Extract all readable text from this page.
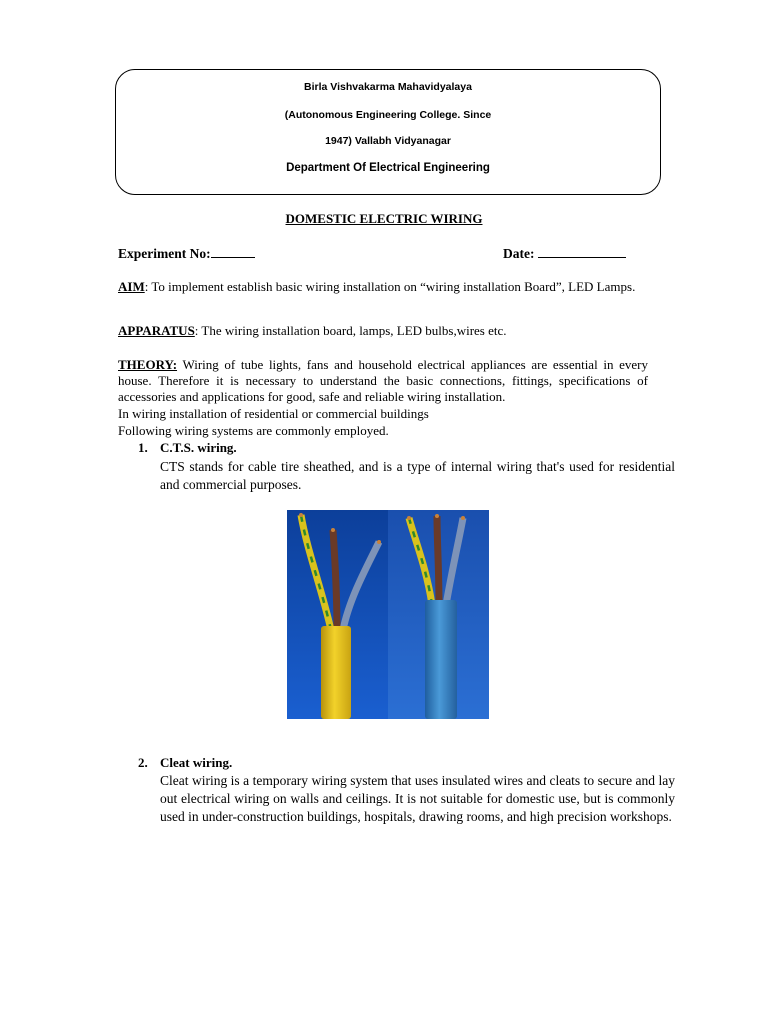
Birla Vishvakarma Mahavidyalaya
(Autonomous Engineering College. Since
1947) Vallabh Vidyanagar
Department Of Electrical Engineering
DOMESTIC ELECTRIC WIRING
Experiment No:	Date:
AIM: To implement establish basic wiring installation on “wiring installation Board”, LED Lamps.
APPARATUS: The wiring installation board, lamps, LED bulbs,wires etc.
THEORY: Wiring of tube lights, fans and household electrical appliances are essential in every house. Therefore it is necessary to understand the basic connections, fittings, specifications of accessories and applications for good, safe and reliable wiring installation.
In wiring installation of residential or commercial buildings
Following wiring systems are commonly employed.
1. C.T.S. wiring.
CTS stands for cable tire sheathed, and is a type of internal wiring that's used for residential and commercial purposes.
2. Cleat wiring.
Cleat wiring is a temporary wiring system that uses insulated wires and cleats to secure and lay out electrical wiring on walls and ceilings. It is not suitable for domestic use, but is commonly used in under-construction buildings, hospitals, drawing rooms, and high precision workshops.
